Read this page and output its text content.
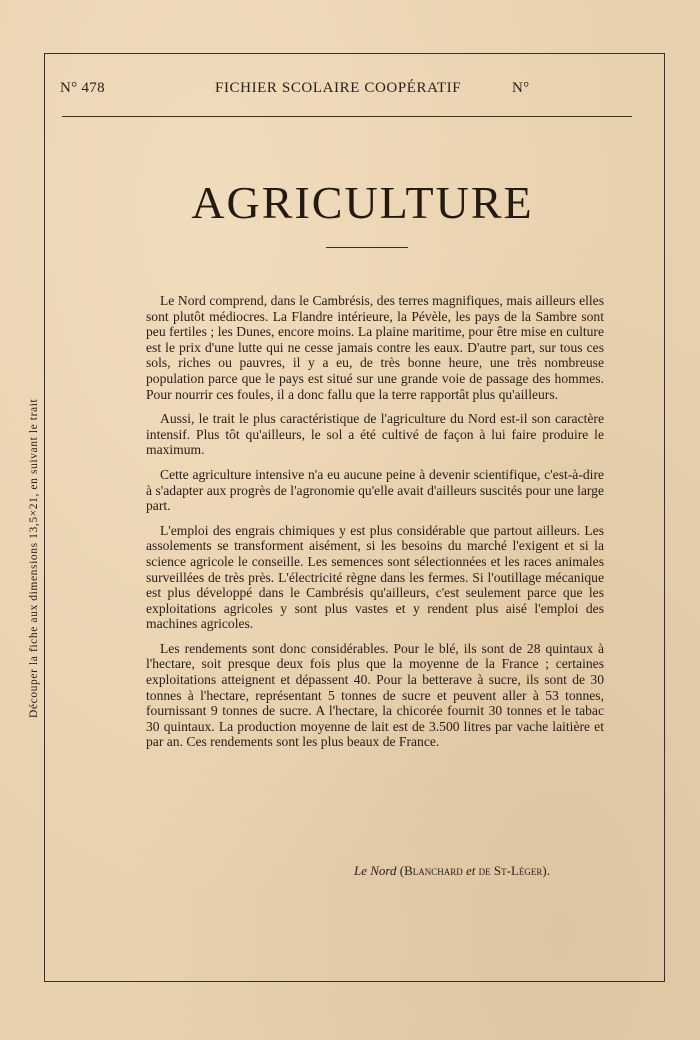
N° 478	FICHIER SCOLAIRE COOPÉRATIF	N°
Découper la fiche aux dimensions 13,5×21, en suivant le trait
AGRICULTURE

Le Nord comprend, dans le Cambrésis, des terres magnifiques, mais ailleurs elles sont plutôt médiocres. La Flandre intérieure, la Pévèle, les pays de la Sambre sont peu fertiles ; les Dunes, encore moins. La plaine maritime, pour être mise en culture est le prix d'une lutte qui ne cesse jamais contre les eaux. D'autre part, sur tous ces sols, riches ou pauvres, il y a eu, de très bonne heure, une très nombreuse population parce que le pays est situé sur une grande voie de passage des hommes. Pour nourrir ces foules, il a donc fallu que la terre rapportât plus qu'ailleurs.

Aussi, le trait le plus caractéristique de l'agriculture du Nord est-il son caractère intensif. Plus tôt qu'ailleurs, le sol a été cultivé de façon à lui faire produire le maximum.

Cette agriculture intensive n'a eu aucune peine à devenir scientifique, c'est-à-dire à s'adapter aux progrès de l'agronomie qu'elle avait d'ailleurs suscités pour une large part.

L'emploi des engrais chimiques y est plus considérable que partout ailleurs. Les assolements se transforment aisément, si les besoins du marché l'exigent et si la science agricole le conseille. Les semences sont sélectionnées et les races animales surveillées de très près. L'électricité règne dans les fermes. Si l'outillage mécanique est plus développé dans le Cambrésis qu'ailleurs, c'est seulement parce que les exploitations agricoles y sont plus vastes et y rendent plus aisé l'emploi des machines agricoles.

Les rendements sont donc considérables. Pour le blé, ils sont de 28 quintaux à l'hectare, soit presque deux fois plus que la moyenne de la France ; certaines exploitations atteignent et dépassent 40. Pour la betterave à sucre, ils sont de 30 tonnes à l'hectare, représentant 5 tonnes de sucre et peuvent aller à 53 tonnes, fournissant 9 tonnes de sucre. A l'hectare, la chicorée fournit 30 tonnes et le tabac 30 quintaux. La production moyenne de lait est de 3.500 litres par vache laitière et par an. Ces rendements sont les plus beaux de France.

Le Nord (Blanchard et de St-Léger).
